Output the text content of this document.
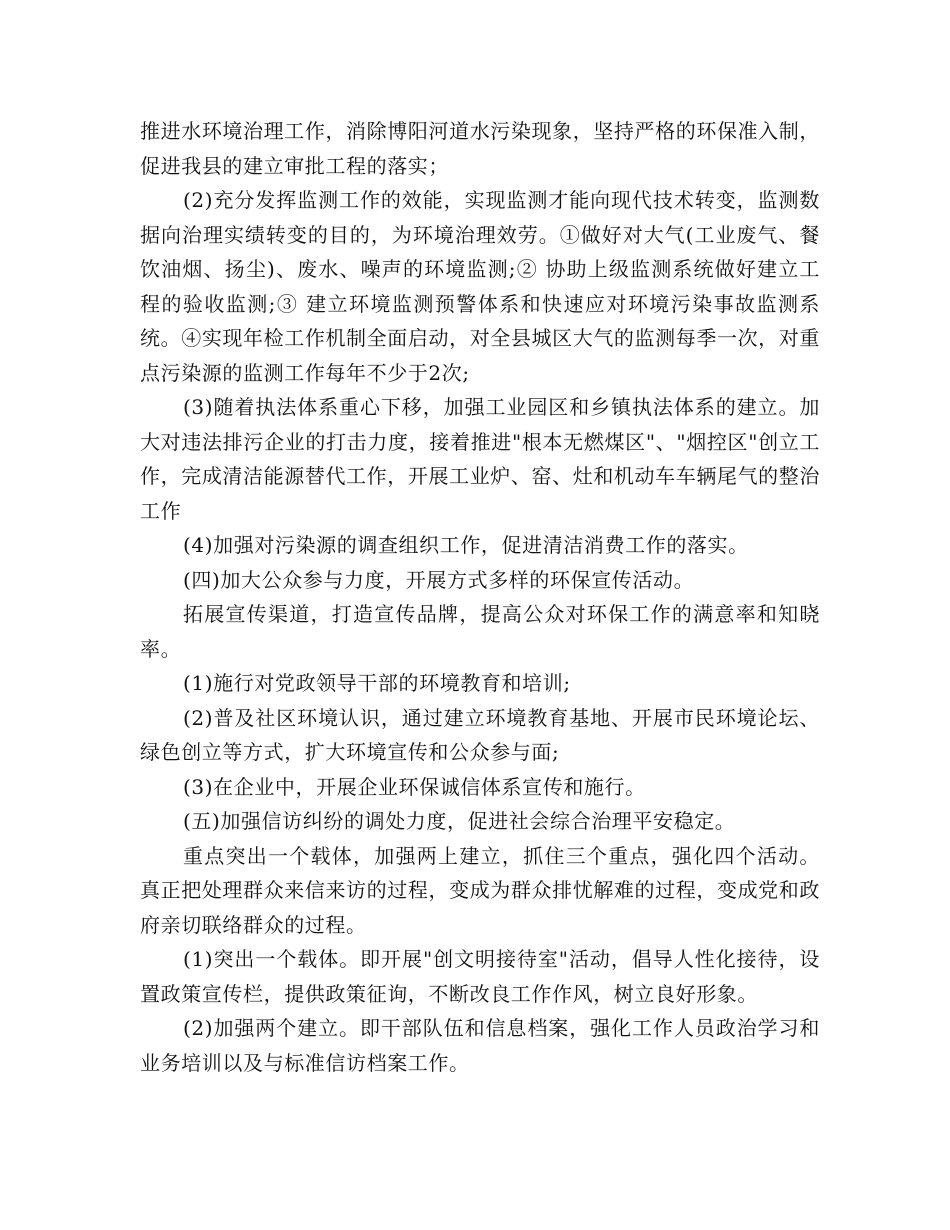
推进水环境治理工作，消除博阳河道水污染现象，坚持严格的环保准入制，促进我县的建立审批工程的落实；

(2)充分发挥监测工作的效能，实现监测才能向现代技术转变，监测数据向治理实绩转变的目的，为环境治理效劳。①做好对大气(工业废气、餐饮油烟、扬尘)、废水、噪声的环境监测;② 协助上级监测系统做好建立工程的验收监测;③ 建立环境监测预警体系和快速应对环境污染事故监测系统。④实现年检工作机制全面启动，对全县城区大气的监测每季一次，对重点污染源的监测工作每年不少于2次;

(3)随着执法体系重心下移，加强工业园区和乡镇执法体系的建立。加大对违法排污企业的打击力度，接着推进"根本无燃煤区"、"烟控区"创立工作，完成清洁能源替代工作，开展工业炉、窑、灶和机动车车辆尾气的整治工作

(4)加强对污染源的调查组织工作，促进清洁消费工作的落实。

(四)加大公众参与力度，开展方式多样的环保宣传活动。

拓展宣传渠道，打造宣传品牌，提高公众对环保工作的满意率和知晓率。

(1)施行对党政领导干部的环境教育和培训;

(2)普及社区环境认识，通过建立环境教育基地、开展市民环境论坛、绿色创立等方式，扩大环境宣传和公众参与面;

(3)在企业中，开展企业环保诚信体系宣传和施行。

(五)加强信访纠纷的调处力度，促进社会综合治理平安稳定。

重点突出一个载体，加强两上建立，抓住三个重点，强化四个活动。真正把处理群众来信来访的过程，变成为群众排忧解难的过程，变成党和政府亲切联络群众的过程。

(1)突出一个载体。即开展"创文明接待室"活动，倡导人性化接待，设置政策宣传栏，提供政策征询，不断改良工作作风，树立良好形象。

(2)加强两个建立。即干部队伍和信息档案，强化工作人员政治学习和业务培训以及与标准信访档案工作。
